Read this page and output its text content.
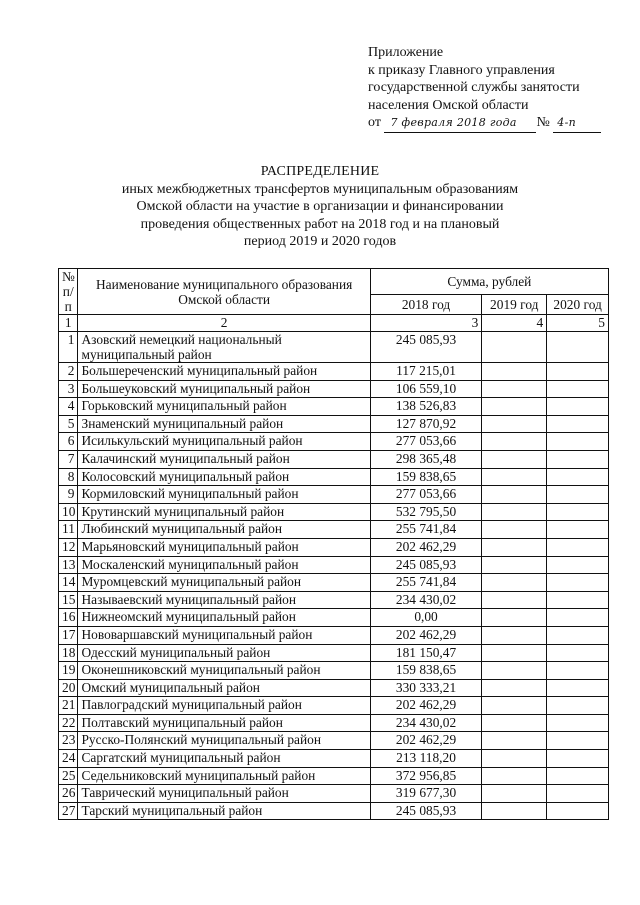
Приложение
к приказу Главного управления
государственной службы занятости
населения Омской области
от 7 февраля 2018 года № 4-п
РАСПРЕДЕЛЕНИЕ
иных межбюджетных трансфертов муниципальным образованиям
Омской области на участие в организации и финансировании
проведения общественных работ на 2018 год и на плановый
период 2019 и 2020 годов
№ п/п	Наименование муниципального образования Омской области	Сумма, рублей		
		2018 год	2019 год	2020 год
1	2	3	4	5
1	Азовский немецкий национальный муниципальный район	245 085,93		
2	Большереченский муниципальный район	117 215,01		
3	Большеуковский муниципальный район	106 559,10		
4	Горьковский муниципальный район	138 526,83		
5	Знаменский муниципальный район	127 870,92		
6	Исилькульский муниципальный район	277 053,66		
7	Калачинский муниципальный район	298 365,48		
8	Колосовский муниципальный район	159 838,65		
9	Кормиловский муниципальный район	277 053,66		
10	Крутинский муниципальный район	532 795,50		
11	Любинский муниципальный район	255 741,84		
12	Марьяновский муниципальный район	202 462,29		
13	Москаленский муниципальный район	245 085,93		
14	Муромцевский муниципальный район	255 741,84		
15	Называевский муниципальный район	234 430,02		
16	Нижнеомский муниципальный район	0,00		
17	Нововаршавский муниципальный район	202 462,29		
18	Одесский муниципальный район	181 150,47		
19	Оконешниковский муниципальный район	159 838,65		
20	Омский муниципальный район	330 333,21		
21	Павлоградский муниципальный район	202 462,29		
22	Полтавский муниципальный район	234 430,02		
23	Русско-Полянский муниципальный район	202 462,29		
24	Саргатский муниципальный район	213 118,20		
25	Седельниковский муниципальный район	372 956,85		
26	Таврический муниципальный район	319 677,30		
27	Тарский муниципальный район	245 085,93		
